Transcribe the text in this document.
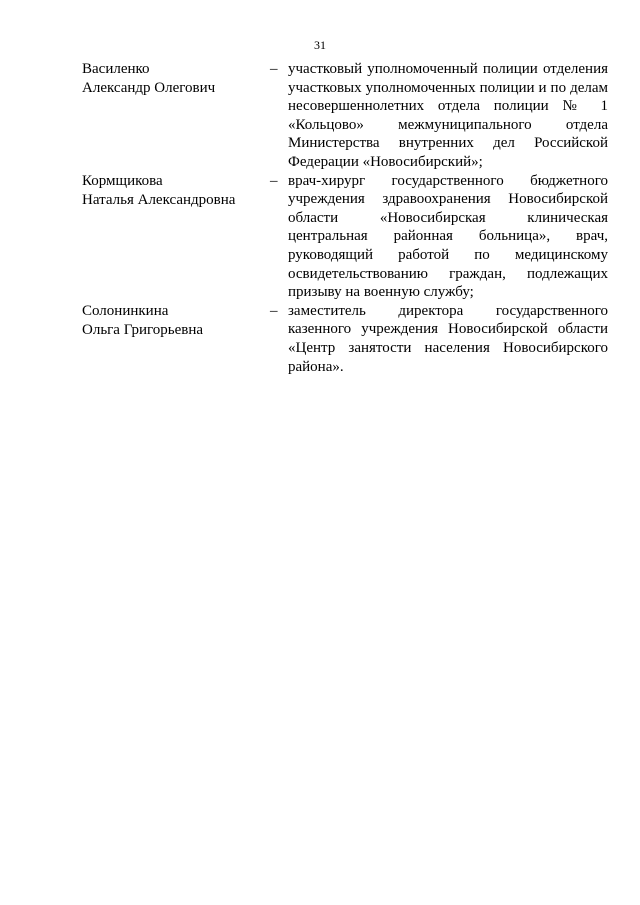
31
Василенко
Александр Олегович
– участковый уполномоченный полиции отделения
участковых уполномоченных полиции и по делам
несовершеннолетних отдела полиции № 1
«Кольцово» межмуниципального отдела
Министерства внутренних дел Российской
Федерации «Новосибирский»;
Кормщикова
Наталья Александровна
– врач-хирург государственного бюджетного
учреждения здравоохранения Новосибирской
области «Новосибирская клиническая
центральная районная больница», врач,
руководящий работой по медицинскому
освидетельствованию граждан, подлежащих
призыву на военную службу;
Солонинкина
Ольга Григорьевна
– заместитель директора государственного
казенного учреждения Новосибирской области
«Центр занятости населения Новосибирского
района».
